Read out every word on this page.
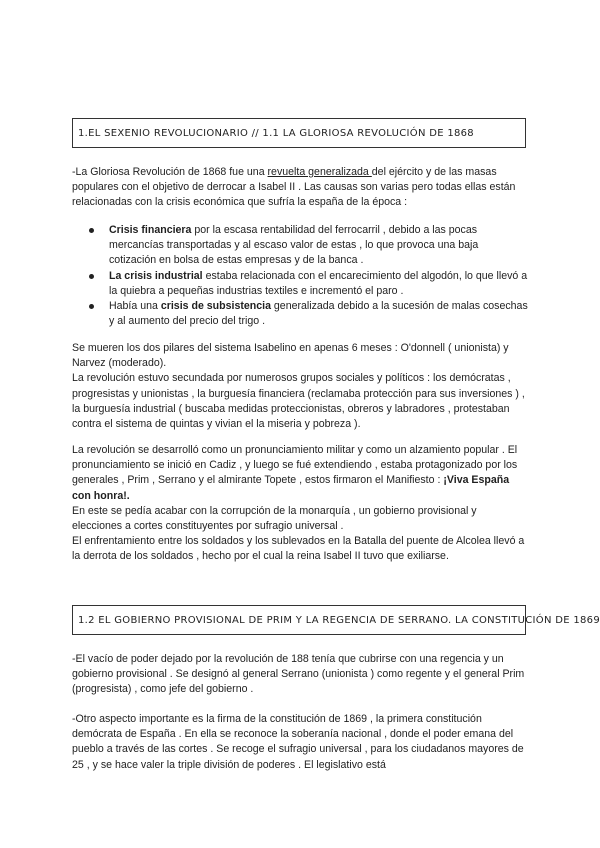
1.EL SEXENIO REVOLUCIONARIO // 1.1 LA GLORIOSA REVOLUCIÓN DE 1868

-La Gloriosa Revolución de 1868 fue una revuelta generalizada del ejército y de las masas populares con el objetivo de derrocar a Isabel II . Las causas son varias pero todas ellas están relacionadas con la crisis económica que sufría la españa de la época :

Crisis financiera por la escasa rentabilidad del ferrocarril , debido a las pocas mercancías transportadas y al escaso valor de estas , lo que provoca una baja cotización en bolsa de estas empresas y de la banca .
La crisis industrial estaba relacionada con el encarecimiento del algodón, lo que llevó a la quiebra a pequeñas industrias textiles e incrementó el paro .
Había una crisis de subsistencia generalizada debido a la sucesión de malas cosechas y al aumento del precio del trigo .

Se mueren los dos pilares del sistema Isabelino en apenas 6 meses : O'donnell ( unionista) y Narvez (moderado).

La revolución estuvo secundada por numerosos grupos sociales y políticos : los demócratas , progresistas y unionistas , la burguesía financiera (reclamaba protección para sus inversiones ) , la burguesía industrial ( buscaba medidas proteccionistas, obreros y labradores , protestaban contra el sistema de quintas y vivian el la miseria y pobreza ).

La revolución se desarrolló como un pronunciamiento militar y como un alzamiento popular . El pronunciamiento se inició en Cadiz , y luego se fué extendiendo , estaba protagonizado por los generales , Prim , Serrano y el almirante Topete , estos firmaron el Manifiesto : ¡Viva España con honra!.

En este se pedía acabar con la corrupción de la monarquía , un gobierno provisional y elecciones a cortes constituyentes por sufragio universal .

El enfrentamiento entre los soldados y los sublevados en la Batalla del puente de Alcolea llevó a la derrota de los soldados , hecho por el cual la reina Isabel II tuvo que exiliarse.

1.2 EL GOBIERNO PROVISIONAL DE PRIM Y LA REGENCIA DE SERRANO. LA CONSTITUCIÓN DE 1869

-El vacío de poder dejado por la revolución de 188 tenía que cubrirse con una regencia y un gobierno provisional . Se designó al general Serrano (unionista ) como regente y el general Prim (progresista) , como jefe del gobierno .

-Otro aspecto importante es la firma de la constitución de 1869 , la primera constitución demócrata de España . En ella se reconoce la soberanía nacional , donde el poder emana del pueblo a través de las cortes . Se recoge el sufragio universal , para los ciudadanos mayores de 25 , y se hace valer la triple división de poderes . El legislativo está
